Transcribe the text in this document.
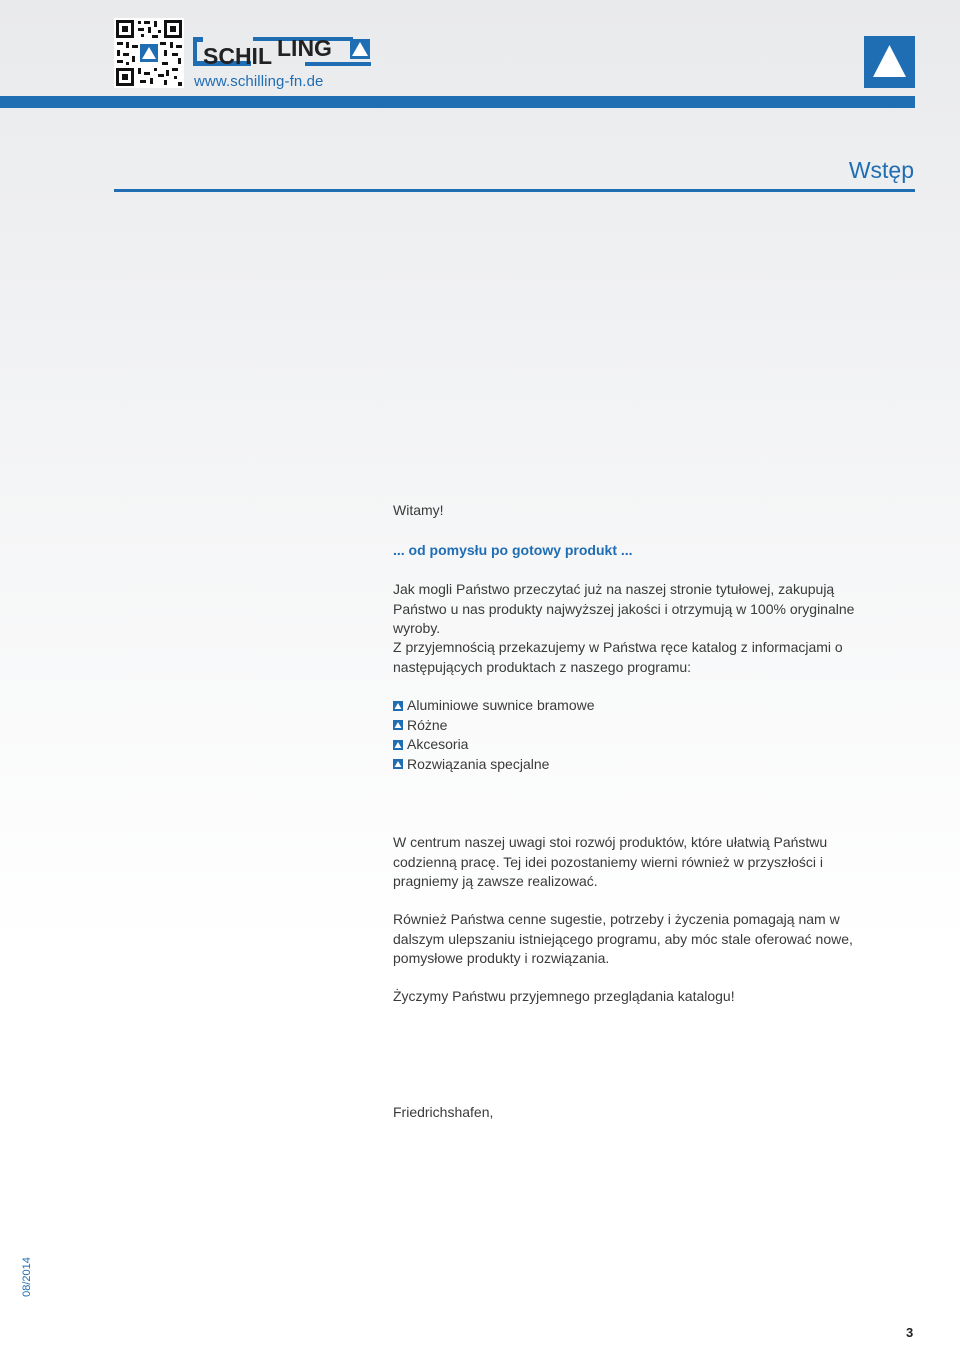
SCHIL LING
www.schilling-fn.de
Wstęp
Witamy!
... od pomysłu po gotowy produkt ...
Jak mogli Państwo przeczytać już na naszej stronie tytułowej, zakupują Państwo u nas produkty najwyższej jakości i otrzymują w 100% oryginalne wyroby.
Z przyjemnością przekazujemy w Państwa ręce katalog z informacjami o następujących produktach z naszego programu:
Aluminiowe suwnice bramowe
Różne
Akcesoria
Rozwiązania specjalne
W centrum naszej uwagi stoi rozwój produktów, które ułatwią Państwu codzienną pracę. Tej idei pozostaniemy wierni również w przyszłości i pragniemy ją zawsze realizować.
Również Państwa cenne sugestie, potrzeby i życzenia pomagają nam w dalszym ulepszaniu istniejącego programu, aby móc stale oferować nowe, pomysłowe produkty i rozwiązania.
Życzymy Państwu przyjemnego przeglądania katalogu!
Friedrichshafen,
08/2014
3
